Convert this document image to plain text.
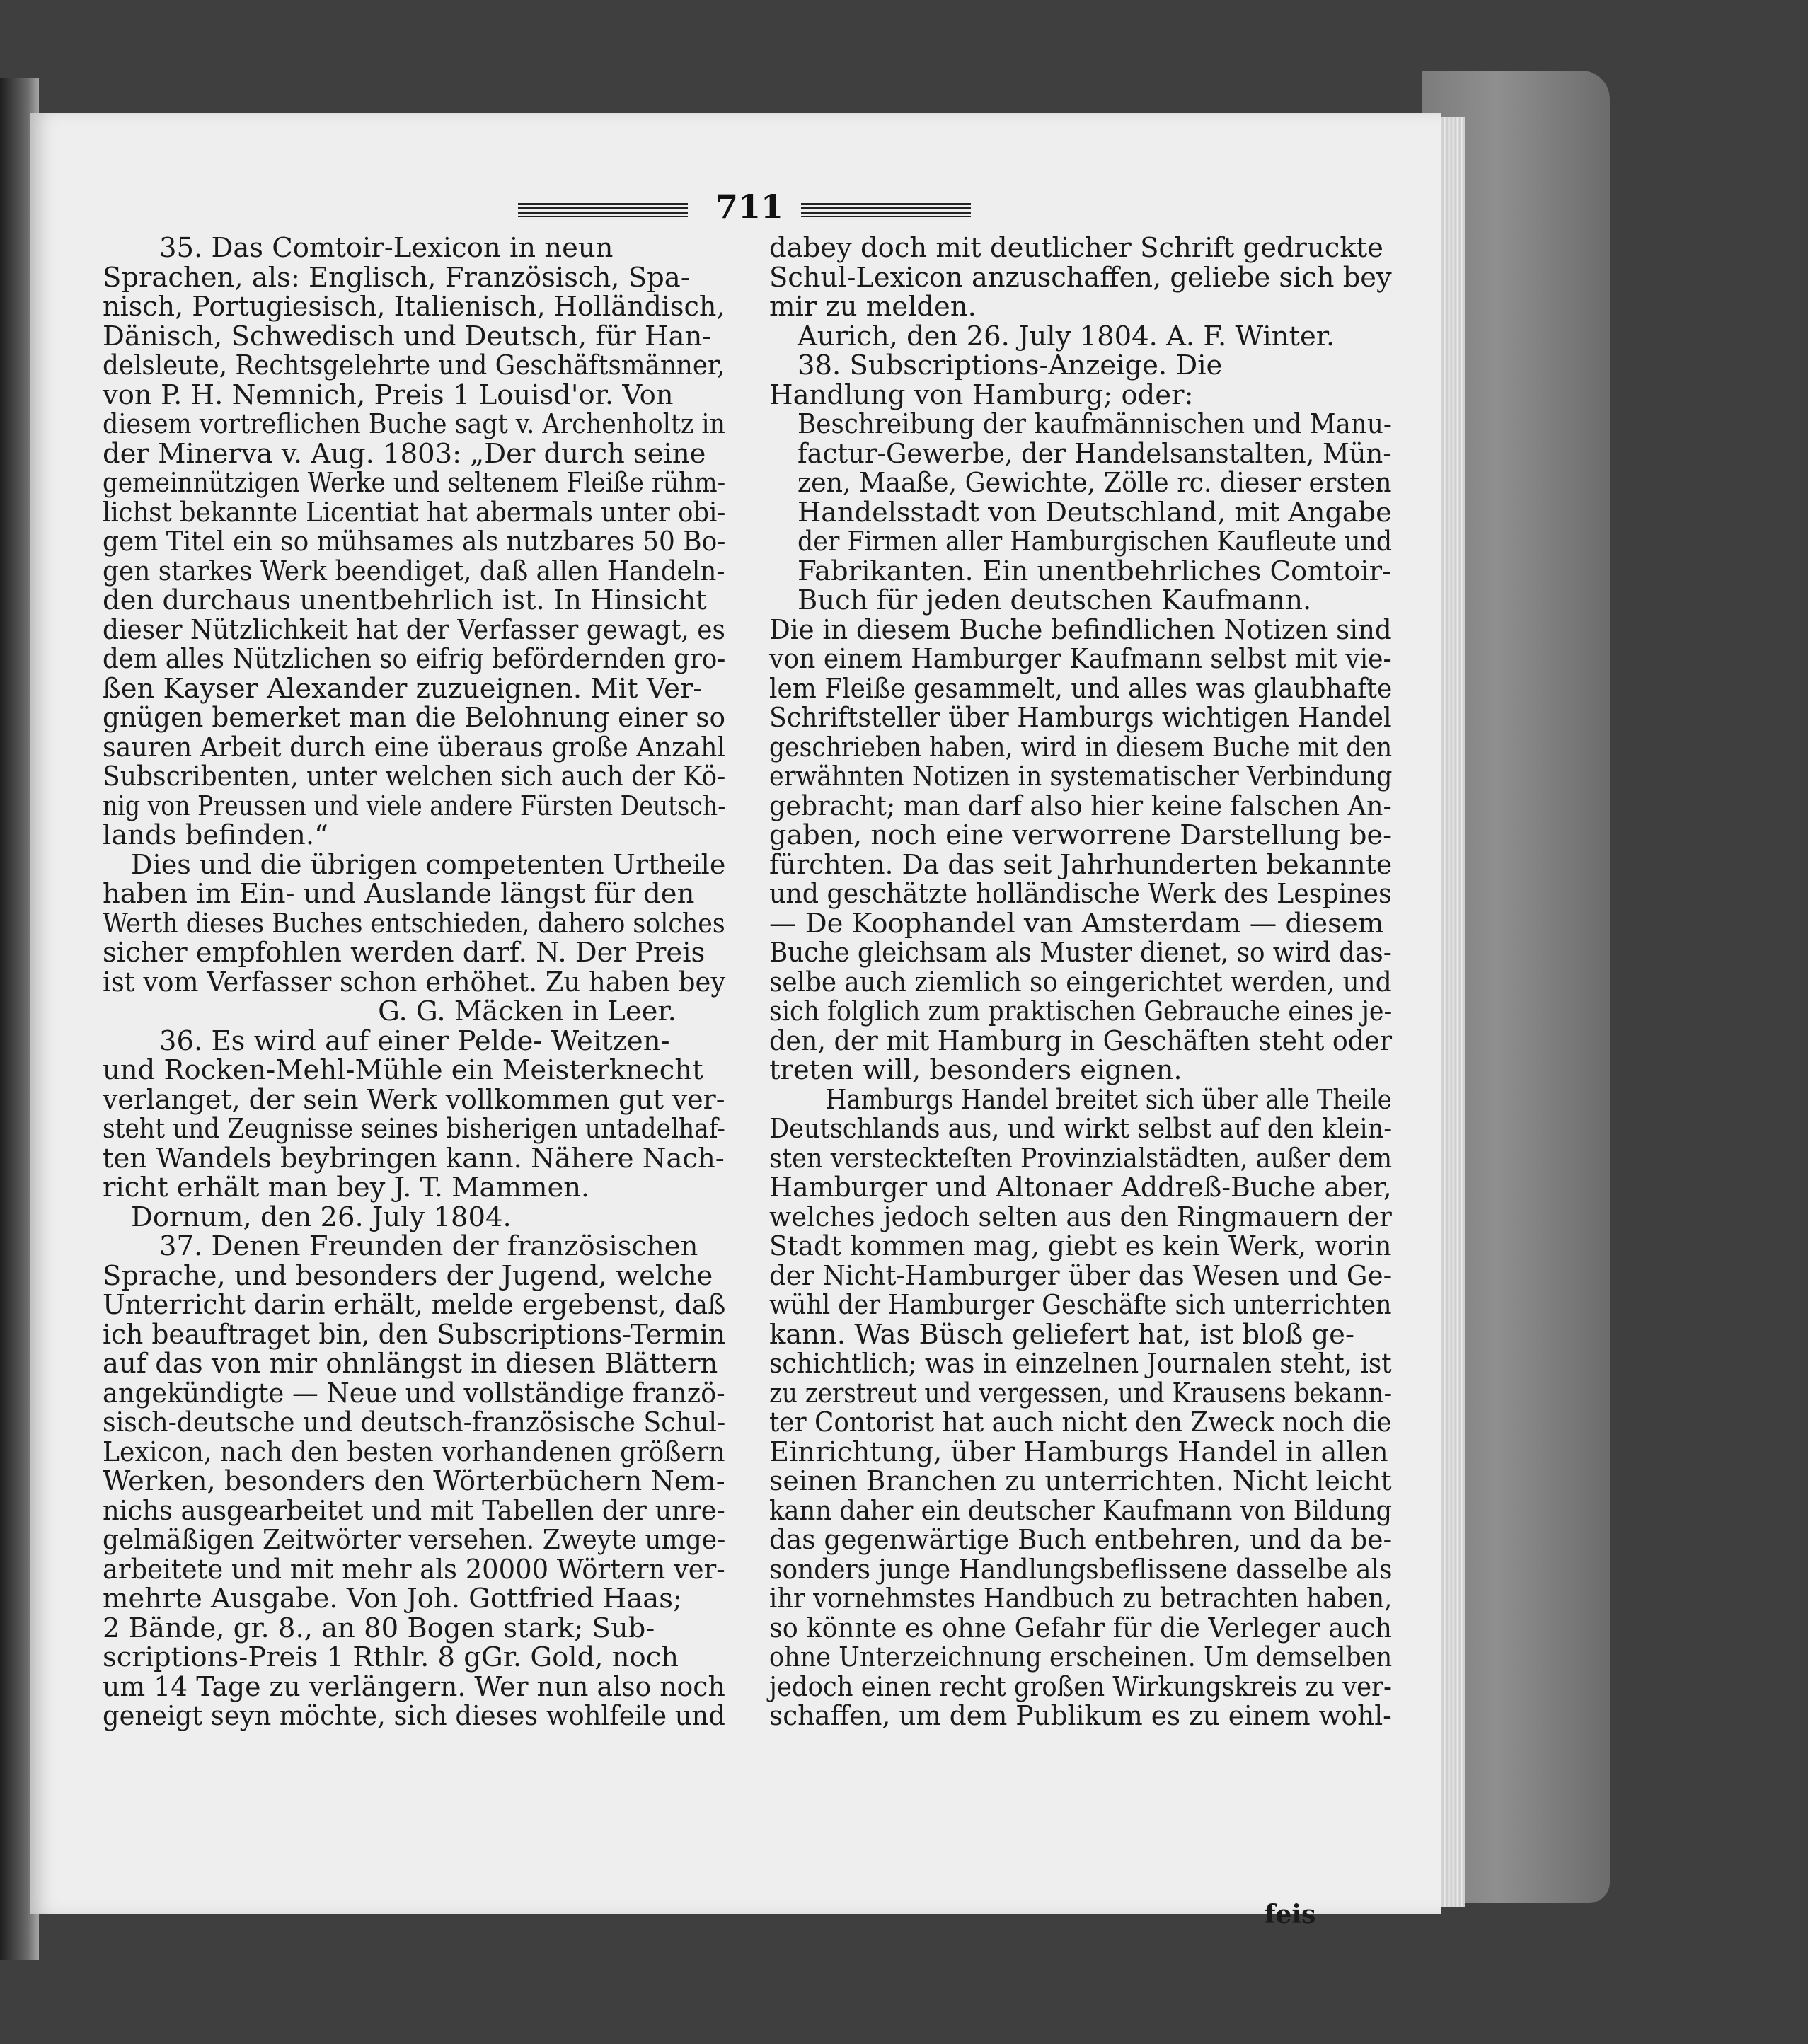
711

35. Das Comtoir-Lexicon in neun

Sprachen, als: Englisch, Französisch, Spa-

nisch, Portugiesisch, Italienisch, Holländisch,

Dänisch, Schwedisch und Deutsch, für Han-

delsleute, Rechtsgelehrte und Geschäftsmänner,

von P. H. Nemnich, Preis 1 Louisd'or. Von

diesem vortreflichen Buche sagt v. Archenholtz in

der Minerva v. Aug. 1803: „Der durch seine

gemeinnützigen Werke und seltenem Fleiße rühm-

lichst bekannte Licentiat hat abermals unter obi-

gem Titel ein so mühsames als nutzbares 50 Bo-

gen starkes Werk beendiget, daß allen Handeln-

den durchaus unentbehrlich ist. In Hinsicht

dieser Nützlichkeit hat der Verfasser gewagt, es

dem alles Nützlichen so eifrig befördernden gro-

ßen Kayser Alexander zuzueignen. Mit Ver-

gnügen bemerket man die Belohnung einer so

sauren Arbeit durch eine überaus große Anzahl

Subscribenten, unter welchen sich auch der Kö-

nig von Preussen und viele andere Fürsten Deutsch-

lands befinden.“

Dies und die übrigen competenten Urtheile

haben im Ein- und Auslande längst für den

Werth dieses Buches entschieden, dahero solches

sicher empfohlen werden darf. N. Der Preis

ist vom Verfasser schon erhöhet. Zu haben bey

G. G. Mäcken in Leer.

36. Es wird auf einer Pelde- Weitzen-

und Rocken-Mehl-Mühle ein Meisterknecht

verlanget, der sein Werk vollkommen gut ver-

steht und Zeugnisse seines bisherigen untadelhaf-

ten Wandels beybringen kann. Nähere Nach-

richt erhält man bey J. T. Mammen.

Dornum, den 26. July 1804.

37. Denen Freunden der französischen

Sprache, und besonders der Jugend, welche

Unterricht darin erhält, melde ergebenst, daß

ich beauftraget bin, den Subscriptions-Termin

auf das von mir ohnlängst in diesen Blättern

angekündigte — Neue und vollständige franzö-

sisch-deutsche und deutsch-französische Schul-

Lexicon, nach den besten vorhandenen größern

Werken, besonders den Wörterbüchern Nem-

nichs ausgearbeitet und mit Tabellen der unre-

gelmäßigen Zeitwörter versehen. Zweyte umge-

arbeitete und mit mehr als 20000 Wörtern ver-

mehrte Ausgabe. Von Joh. Gottfried Haas;

2 Bände, gr. 8., an 80 Bogen stark; Sub-

scriptions-Preis 1 Rthlr. 8 gGr. Gold, noch

um 14 Tage zu verlängern. Wer nun also noch

geneigt seyn möchte, sich dieses wohlfeile und

dabey doch mit deutlicher Schrift gedruckte

Schul-Lexicon anzuschaffen, geliebe sich bey

mir zu melden.

Aurich, den 26. July 1804. A. F. Winter.

38. Subscriptions-Anzeige. Die

Handlung von Hamburg; oder:

Beschreibung der kaufmännischen und Manu-

factur-Gewerbe, der Handelsanstalten, Mün-

zen, Maaße, Gewichte, Zölle rc. dieser ersten

Handelsstadt von Deutschland, mit Angabe

der Firmen aller Hamburgischen Kaufleute und

Fabrikanten. Ein unentbehrliches Comtoir-

Buch für jeden deutschen Kaufmann.

Die in diesem Buche befindlichen Notizen sind

von einem Hamburger Kaufmann selbst mit vie-

lem Fleiße gesammelt, und alles was glaubhafte

Schriftsteller über Hamburgs wichtigen Handel

geschrieben haben, wird in diesem Buche mit den

erwähnten Notizen in systematischer Verbindung

gebracht; man darf also hier keine falschen An-

gaben, noch eine verworrene Darstellung be-

fürchten. Da das seit Jahrhunderten bekannte

und geschätzte holländische Werk des Lespines

— De Koophandel van Amsterdam — diesem

Buche gleichsam als Muster dienet, so wird das-

selbe auch ziemlich so eingerichtet werden, und

sich folglich zum praktischen Gebrauche eines je-

den, der mit Hamburg in Geschäften steht oder

treten will, besonders eignen.

Hamburgs Handel breitet sich über alle Theile

Deutschlands aus, und wirkt selbst auf den klein-

sten versteckteſten Provinzialstädten, außer dem

Hamburger und Altonaer Addreß-Buche aber,

welches jedoch selten aus den Ringmauern der

Stadt kommen mag, giebt es kein Werk, worin

der Nicht-Hamburger über das Wesen und Ge-

wühl der Hamburger Geschäfte sich unterrichten

kann. Was Büsch geliefert hat, ist bloß ge-

schichtlich; was in einzelnen Journalen steht, ist

zu zerstreut und vergessen, und Krausens bekann-

ter Contorist hat auch nicht den Zweck noch die

Einrichtung, über Hamburgs Handel in allen

seinen Branchen zu unterrichten. Nicht leicht

kann daher ein deutscher Kaufmann von Bildung

das gegenwärtige Buch entbehren, und da be-

sonders junge Handlungsbeflissene dasselbe als

ihr vornehmstes Handbuch zu betrachten haben,

so könnte es ohne Gefahr für die Verleger auch

ohne Unterzeichnung erscheinen. Um demselben

jedoch einen recht großen Wirkungskreis zu ver-

schaffen, um dem Publikum es zu einem wohl-

feis
